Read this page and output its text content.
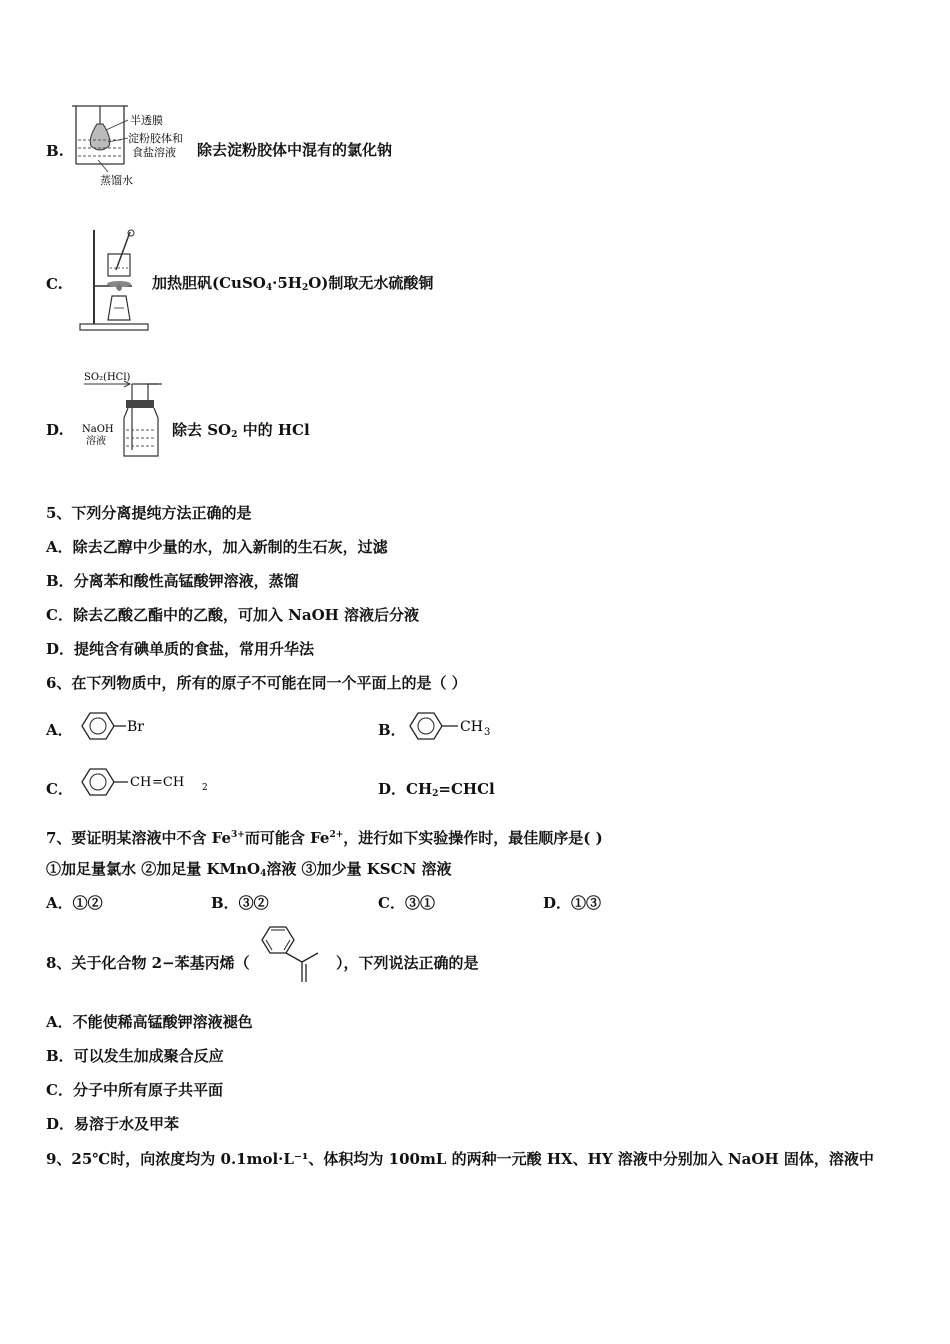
B.
半透膜
淀粉胶体和
食盐溶液
蒸馏水
除去淀粉胶体中混有的氯化钠
C.	加热胆矾$(CuSO_4\cdot 5H_2O)$制取无水硫酸铜
D.
SO₂(HCl)
NaOH
溶液
除去 $SO_2$ 中的 HCl
5、下列分离提纯方法正确的是
A．除去乙醇中少量的水，加入新制的生石灰，过滤
B．分离苯和酸性高锰酸钾溶液，蒸馏
C．除去乙酸乙酯中的乙酸，可加入 NaOH 溶液后分液
D．提纯含有碘单质的食盐，常用升华法
6、在下列物质中，所有的原子不可能在同一个平面上的是（ ）
A．	Br	B．	CH 3
C．	CH =CH 2	D．$CH_2=CHCl$
7、要证明某溶液中不含 $Fe^{3+}$而可能含 $Fe^{2+}$，进行如下实验操作时，最佳顺序是( )
①加足量氯水 ②加足量 KMnO$_4$溶液 ③加少量 KSCN 溶液
A．①②	B．③②	C．③①	D．①③
8、关于化合物 2−苯基丙烯（	），下列说法正确的是
A．不能使稀高锰酸钾溶液褪色
B．可以发生加成聚合反应
C．分子中所有原子共平面
D．易溶于水及甲苯
9、25℃时，向浓度均为 0.1mol·L⁻¹、体积均为 100mL 的两种一元酸 HX、HY 溶液中分别加入 NaOH 固体，溶液中
